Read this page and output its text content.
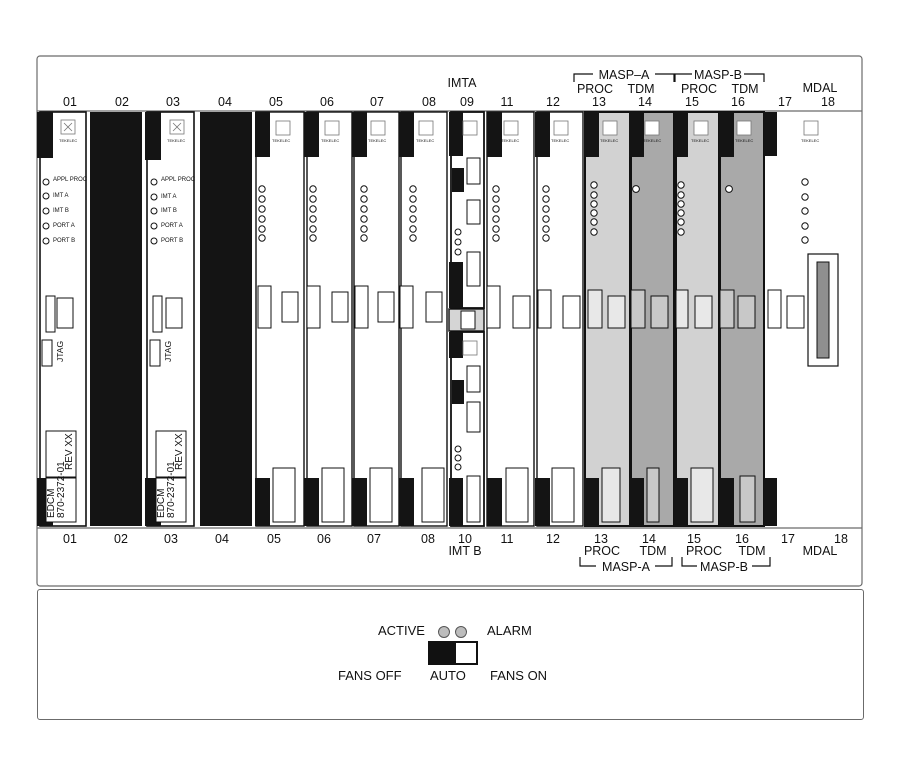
IMTA
MASP–A	MASP-B
PROC TDM PROC TDM	MDAL
01	02	03	04	05	06	07	08 09 11	12	13	14	15	16	17 18
01	02	03	04	05	06	07	08 10 11	12	13	14 15	16	17	18
IMT B	PROC TDM PROC TDM	MDAL
MASP-A	MASP-B
APPL PROC
IMT A
IMT B
PORT A
PORT B
JTAG
870-2372-01
REV XX
EDCM
APPL PROC
IMT A
IMT B
PORT A
PORT B
JTAG
870-2372-01
REV XX
EDCM
TEKELEC	TEKELEC	TEKELEC	TEKELEC	TEKELEC	TEKELEC	TEKELEC	TEKELEC	TEKELEC	TEKELEC	TEKELEC	TEKELEC	TEKELEC
ACTIVE	ALARM
FANS OFF AUTO FANS ON
